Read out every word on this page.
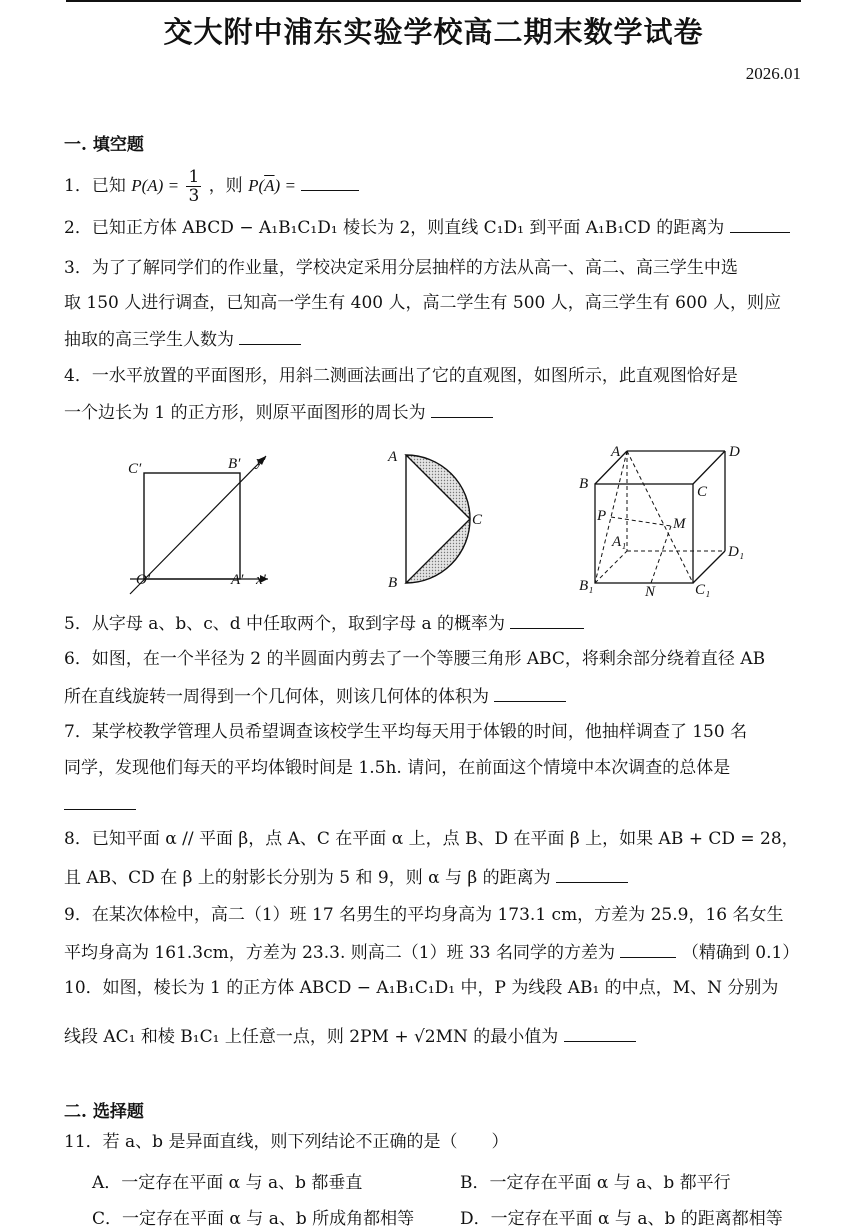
交大附中浦东实验学校高二期末数学试卷
2026.01
一. 填空题
1．已知 $P(A) = \frac{1}{3}$ ，则 $P(\overline{A})$ =
2．已知正方体 ABCD − A₁B₁C₁D₁ 棱长为 2，则直线 C₁D₁ 到平面 A₁B₁CD 的距离为
3．为了了解同学们的作业量，学校决定采用分层抽样的方法从高一、高二、高三学生中选
取 150 人进行调查，已知高一学生有 400 人，高二学生有 500 人，高三学生有 600 人，则应
抽取的高三学生人数为
4．一水平放置的平面图形，用斜二测画法画出了它的直观图，如图所示，此直观图恰好是
一个边长为 1 的正方形，则原平面图形的周长为
C′	B′ y′
O′	A′ x′
A
B
C
A
B	C
D
P	M
A₁
B₁	C₁
D₁
N
5．从字母 a、b、c、d 中任取两个，取到字母 a 的概率为
6．如图，在一个半径为 2 的半圆面内剪去了一个等腰三角形 ABC，将剩余部分绕着直径 AB
所在直线旋转一周得到一个几何体，则该几何体的体积为
7．某学校教学管理人员希望调查该校学生平均每天用于体锻的时间，他抽样调查了 150 名
同学，发现他们每天的平均体锻时间是 1.5h. 请问，在前面这个情境中本次调查的总体是
8．已知平面 α // 平面 β，点 A、C 在平面 α 上，点 B、D 在平面 β 上，如果 AB + CD = 28，
且 AB、CD 在 β 上的射影长分别为 5 和 9，则 α 与 β 的距离为
9．在某次体检中，高二（1）班 17 名男生的平均身高为 173.1 cm，方差为 25.9，16 名女生
平均身高为 161.3cm，方差为 23.3. 则高二（1）班 33 名同学的方差为	（精确到 0.1）
10．如图，棱长为 1 的正方体 ABCD − A₁B₁C₁D₁ 中，P 为线段 AB₁ 的中点，M、N 分别为
线段 AC₁ 和棱 B₁C₁ 上任意一点，则 2PM + √2MN 的最小值为
二. 选择题
11．若 a、b 是异面直线，则下列结论不正确的是（　　）
A．一定存在平面 α 与 a、b 都垂直	B．一定存在平面 α 与 a、b 都平行
C．一定存在平面 α 与 a、b 所成角都相等	D．一定存在平面 α 与 a、b 的距离都相等
